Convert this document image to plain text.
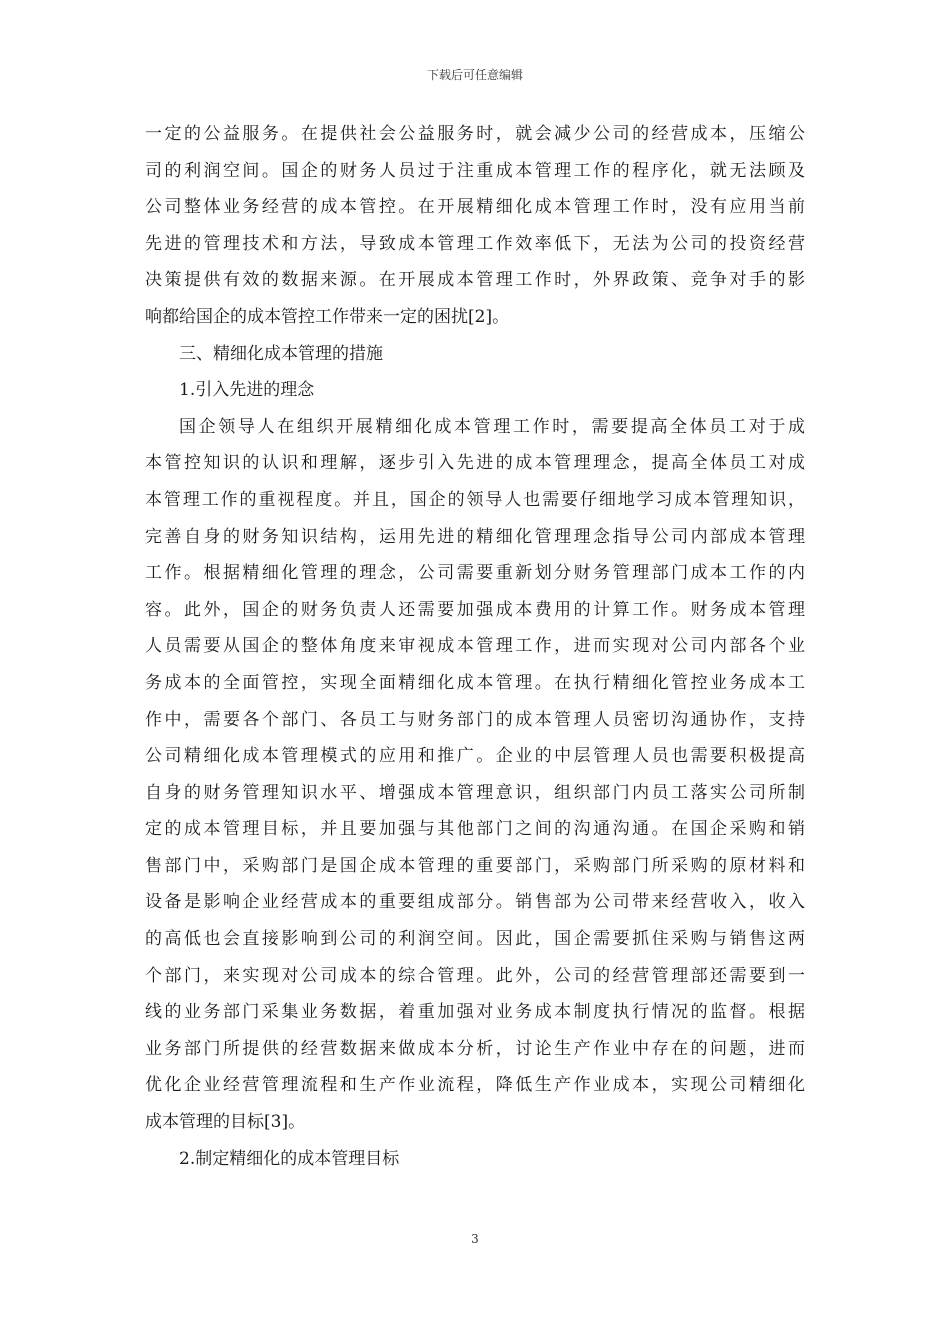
下载后可任意编辑
一定的公益服务。在提供社会公益服务时，就会减少公司的经营成本，压缩公
司的利润空间。国企的财务人员过于注重成本管理工作的程序化，就无法顾及
公司整体业务经营的成本管控。在开展精细化成本管理工作时，没有应用当前
先进的管理技术和方法，导致成本管理工作效率低下，无法为公司的投资经营
决策提供有效的数据来源。在开展成本管理工作时，外界政策、竞争对手的影
响都给国企的成本管控工作带来一定的困扰[2]。
三、精细化成本管理的措施
1.引入先进的理念
国企领导人在组织开展精细化成本管理工作时，需要提高全体员工对于成
本管控知识的认识和理解，逐步引入先进的成本管理理念，提高全体员工对成
本管理工作的重视程度。并且，国企的领导人也需要仔细地学习成本管理知识，
完善自身的财务知识结构，运用先进的精细化管理理念指导公司内部成本管理
工作。根据精细化管理的理念，公司需要重新划分财务管理部门成本工作的内
容。此外，国企的财务负责人还需要加强成本费用的计算工作。财务成本管理
人员需要从国企的整体角度来审视成本管理工作，进而实现对公司内部各个业
务成本的全面管控，实现全面精细化成本管理。在执行精细化管控业务成本工
作中，需要各个部门、各员工与财务部门的成本管理人员密切沟通协作，支持
公司精细化成本管理模式的应用和推广。企业的中层管理人员也需要积极提高
自身的财务管理知识水平、增强成本管理意识，组织部门内员工落实公司所制
定的成本管理目标，并且要加强与其他部门之间的沟通沟通。在国企采购和销
售部门中，采购部门是国企成本管理的重要部门，采购部门所采购的原材料和
设备是影响企业经营成本的重要组成部分。销售部为公司带来经营收入，收入
的高低也会直接影响到公司的利润空间。因此，国企需要抓住采购与销售这两
个部门，来实现对公司成本的综合管理。此外，公司的经营管理部还需要到一
线的业务部门采集业务数据，着重加强对业务成本制度执行情况的监督。根据
业务部门所提供的经营数据来做成本分析，讨论生产作业中存在的问题，进而
优化企业经营管理流程和生产作业流程，降低生产作业成本，实现公司精细化
成本管理的目标[3]。
2.制定精细化的成本管理目标
3
